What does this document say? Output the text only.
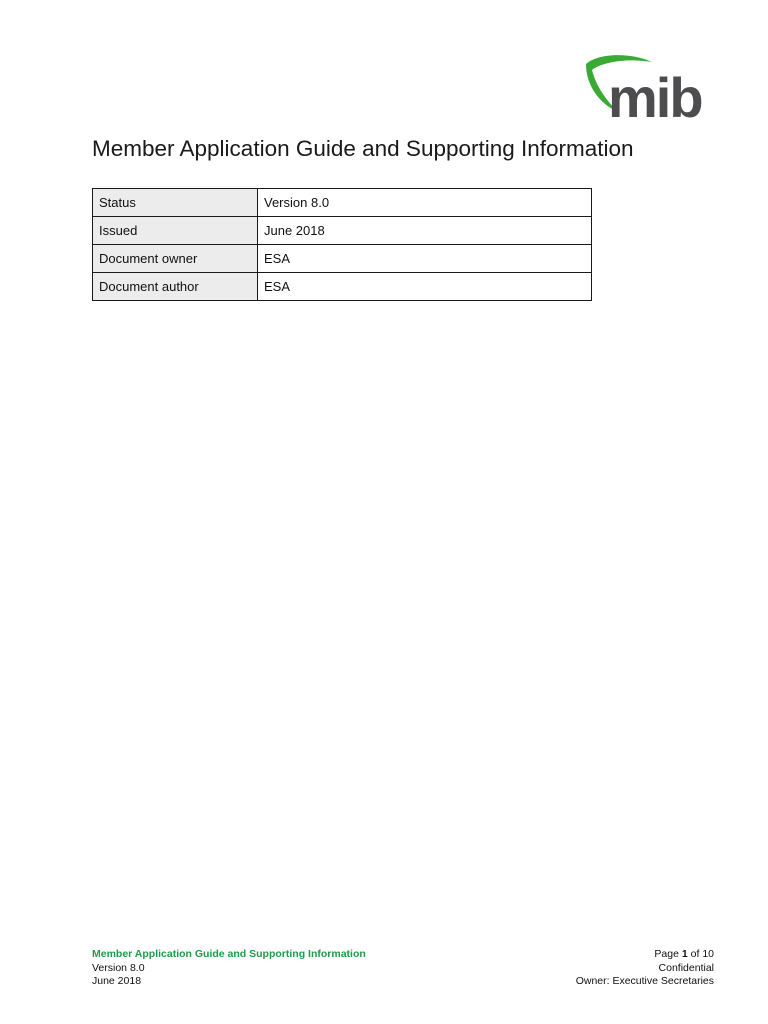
mib
Member Application Guide and Supporting Information
Status	Version 8.0
Issued	June 2018
Document owner	ESA
Document author	ESA
Member Application Guide and Supporting Information
Version 8.0
June 2018
Page 1 of 10
Confidential
Owner: Executive Secretaries
